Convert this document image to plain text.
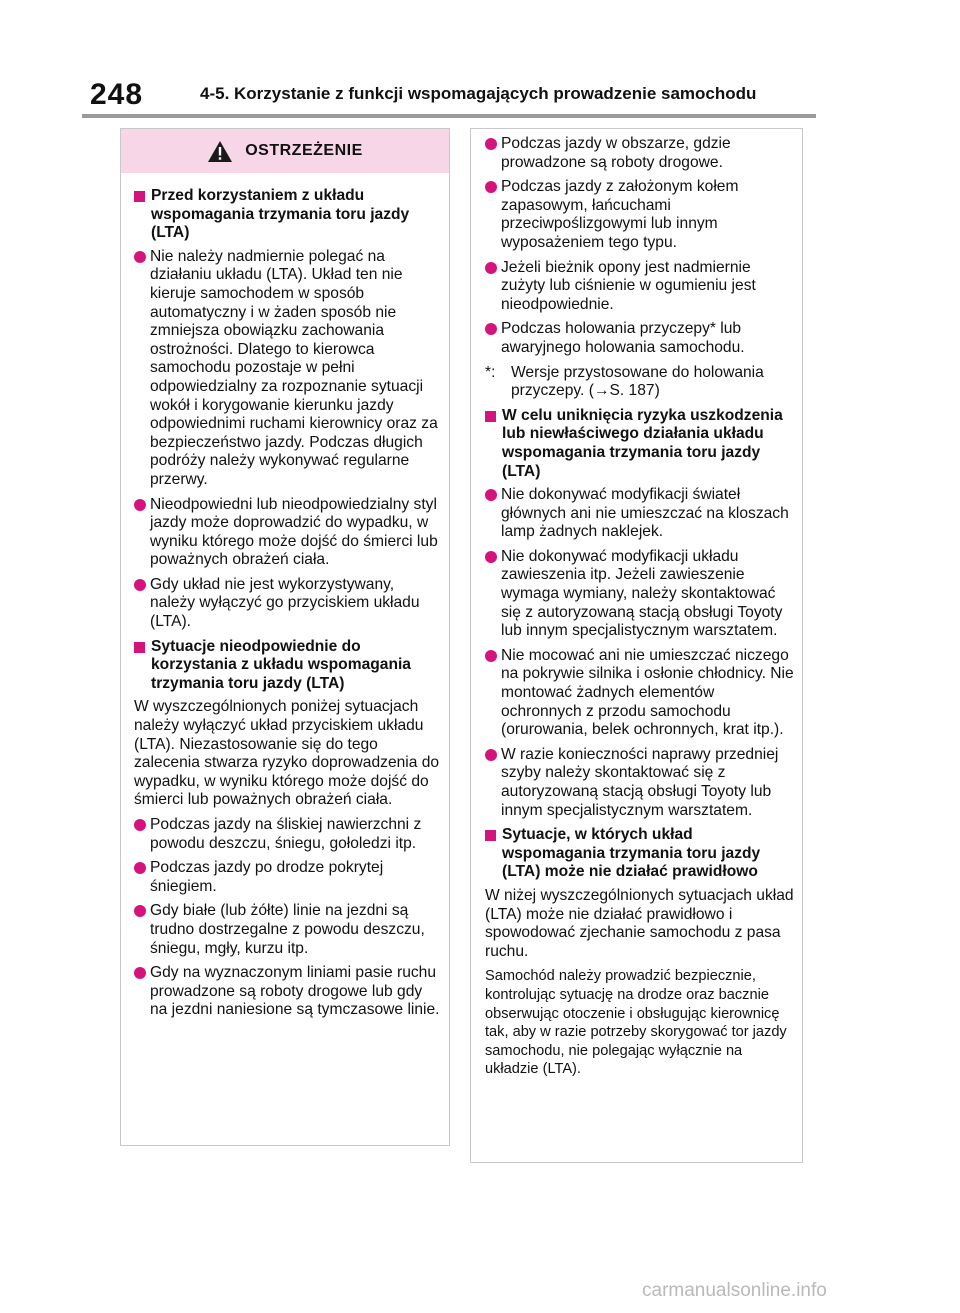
248	4-5. Korzystanie z funkcji wspomagających prowadzenie samochodu
OSTRZEŻENIE
Przed korzystaniem z układu wspomagania trzymania toru jazdy (LTA)
Nie należy nadmiernie polegać na działaniu układu (LTA). Układ ten nie kieruje samochodem w sposób automatyczny i w żaden sposób nie zmniejsza obowiązku zachowania ostrożności. Dlatego to kierowca samochodu pozostaje w pełni odpowiedzialny za rozpoznanie sytuacji wokół i korygowanie kierunku jazdy odpowiednimi ruchami kierownicy oraz za bezpieczeństwo jazdy. Podczas długich podróży należy wykonywać regularne przerwy.
Nieodpowiedni lub nieodpowiedzialny styl jazdy może doprowadzić do wypadku, w wyniku którego może dojść do śmierci lub poważnych obrażeń ciała.
Gdy układ nie jest wykorzystywany, należy wyłączyć go przyciskiem układu (LTA).
Sytuacje nieodpowiednie do korzystania z układu wspomagania trzymania toru jazdy (LTA)
W wyszczególnionych poniżej sytuacjach należy wyłączyć układ przyciskiem układu (LTA). Niezastosowanie się do tego zalecenia stwarza ryzyko doprowadzenia do wypadku, w wyniku którego może dojść do śmierci lub poważnych obrażeń ciała.
Podczas jazdy na śliskiej nawierzchni z powodu deszczu, śniegu, gołoledzi itp.
Podczas jazdy po drodze pokrytej śniegiem.
Gdy białe (lub żółte) linie na jezdni są trudno dostrzegalne z powodu deszczu, śniegu, mgły, kurzu itp.
Gdy na wyznaczonym liniami pasie ruchu prowadzone są roboty drogowe lub gdy na jezdni naniesione są tymczasowe linie.
Podczas jazdy w obszarze, gdzie prowadzone są roboty drogowe.
Podczas jazdy z założonym kołem zapasowym, łańcuchami przeciwpoślizgowymi lub innym wyposażeniem tego typu.
Jeżeli bieżnik opony jest nadmiernie zużyty lub ciśnienie w ogumieniu jest nieodpowiednie.
Podczas holowania przyczepy* lub awaryjnego holowania samochodu.
*: Wersje przystosowane do holowania przyczepy. (→S. 187)
W celu uniknięcia ryzyka uszkodzenia lub niewłaściwego działania układu wspomagania trzymania toru jazdy (LTA)
Nie dokonywać modyfikacji świateł głównych ani nie umieszczać na kloszach lamp żadnych naklejek.
Nie dokonywać modyfikacji układu zawieszenia itp. Jeżeli zawieszenie wymaga wymiany, należy skontaktować się z autoryzowaną stacją obsługi Toyoty lub innym specjalistycznym warsztatem.
Nie mocować ani nie umieszczać niczego na pokrywie silnika i osłonie chłodnicy. Nie montować żadnych elementów ochronnych z przodu samochodu (orurowania, belek ochronnych, krat itp.).
W razie konieczności naprawy przedniej szyby należy skontaktować się z autoryzowaną stacją obsługi Toyoty lub innym specjalistycznym warsztatem.
Sytuacje, w których układ wspomagania trzymania toru jazdy (LTA) może nie działać prawidłowo
W niżej wyszczególnionych sytuacjach układ (LTA) może nie działać prawidłowo i spowodować zjechanie samochodu z pasa ruchu.
Samochód należy prowadzić bezpiecznie, kontrolując sytuację na drodze oraz bacznie obserwując otoczenie i obsługując kierownicę tak, aby w razie potrzeby skorygować tor jazdy samochodu, nie polegając wyłącznie na układzie (LTA).
carmanualsonline.info
